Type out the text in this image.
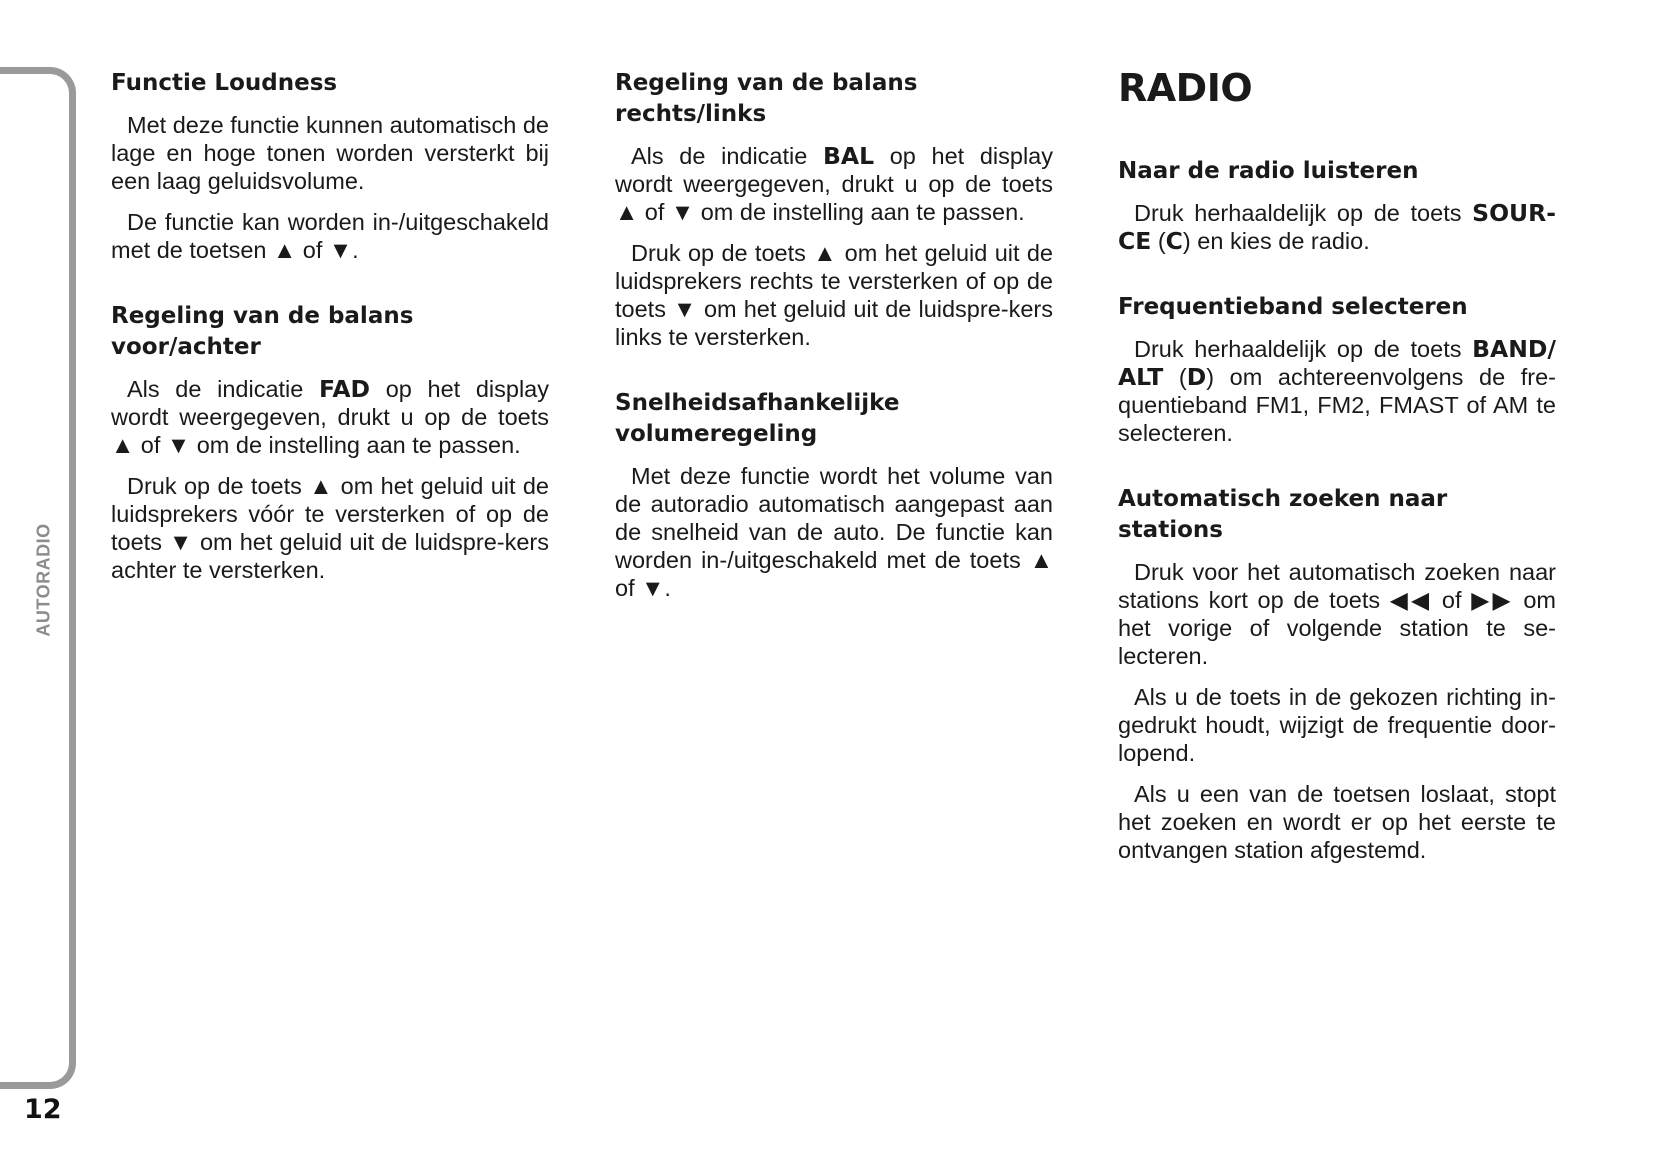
AUTORADIO
12
Functie Loudness

Met deze functie kunnen automatisch de lage en hoge tonen worden versterkt bij een laag geluidsvolume.

De functie kan worden in-/uitgeschakeld met de toetsen ▲ of ▼.

Regeling van de balans voor/achter

Als de indicatie FAD op het display wordt weergegeven, drukt u op de toets ▲ of ▼ om de instelling aan te passen.

Druk op de toets ▲ om het geluid uit de luidsprekers vóór te versterken of op de toets ▼ om het geluid uit de luidspre-kers achter te versterken.

Regeling van de balans rechts/links

Als de indicatie BAL op het display wordt weergegeven, drukt u op de toets ▲ of ▼ om de instelling aan te passen.

Druk op de toets ▲ om het geluid uit de luidsprekers rechts te versterken of op de toets ▼ om het geluid uit de luidspre-kers links te versterken.

Snelheidsafhankelijke volumeregeling

Met deze functie wordt het volume van de autoradio automatisch aangepast aan de snelheid van de auto. De functie kan worden in-/uitgeschakeld met de toets ▲ of ▼.

RADIO
Naar de radio luisteren

Druk herhaaldelijk op de toets SOUR-CE (C) en kies de radio.

Frequentieband selecteren

Druk herhaaldelijk op de toets BAND/ ALT (D) om achtereenvolgens de fre-quentieband FM1, FM2, FMAST of AM te selecteren.

Automatisch zoeken naar stations

Druk voor het automatisch zoeken naar stations kort op de toets ◀◀ of ▶▶ om het vorige of volgende station te se-lecteren.

Als u de toets in de gekozen richting in-gedrukt houdt, wijzigt de frequentie door-lopend.

Als u een van de toetsen loslaat, stopt het zoeken en wordt er op het eerste te ontvangen station afgestemd.
